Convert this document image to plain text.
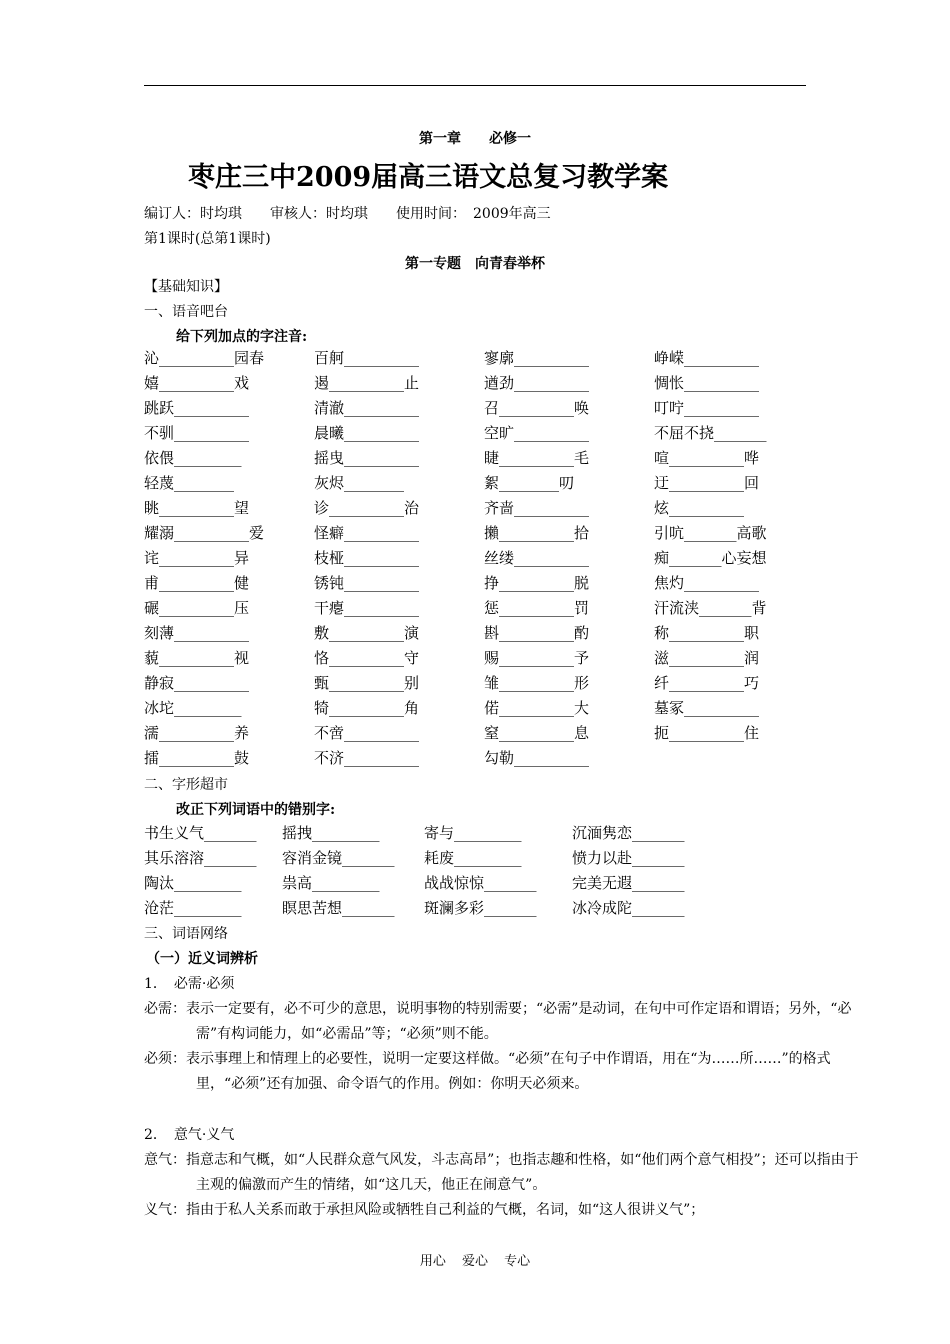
第一章　　必修一
枣庄三中2009届高三语文总复习教学案
编订人：时均琪　　审核人：时均琪　　使用时间：　2009年高三
第1课时(总第1课时)
第一专题　向青春举杯
【基础知识】
一、语音吧台
给下列加点的字注音:
沁__________园春	百舸__________	寥廓__________	峥嵘__________
嬉__________戏	遏__________止	遒劲__________	惆怅__________
跳跃__________	清澈__________	召__________唤	叮咛__________
不驯__________	晨曦__________	空旷__________	不屈不挠_______
依偎_________	摇曳__________	睫__________毛	喧__________哗
轻蔑________	灰烬________	絮________叨	迂__________回
眺__________望	诊__________治	齐啬__________	炫__________
耀溺__________爱	怪癖__________	攋__________拾	引吭_______高歌
诧__________异	枝桠__________	丝缕__________	痴_______心妄想
甫__________健	锈钝__________	挣__________脱	焦灼__________
碾__________压	干瘪__________	惩__________罚	汗流浃_______背
刻薄__________	敷__________演	斟__________酌	称__________职
藐__________视	恪__________守	赐__________予	滋__________润
静寂__________	甄__________别	雏__________形	纤__________巧
冰坨_________	犄__________角	偌__________大	墓冢__________
濡__________养	不啻__________	窒__________息	扼__________住
擂__________鼓	不济__________	勾勒__________
二、字形超市
改正下列词语中的错别字:
书生义气_______	摇拽_________	寄与_________	沉湎隽恋_______
其乐溶溶_______	容消金镜_______	耗废_________	愤力以赴_______
陶汰_________	祟高_________	战战惊惊_______	完美无遐_______
沧茫_________	瞑思苦想_______	斑澜多彩_______	冰冷成陀_______
三、词语网络
（一）近义词辨析
1．　必需·必须
必需：表示一定要有，必不可少的意思，说明事物的特别需要；“必需”是动词，在句中可作定语和谓语；另外，“必需”有构词能力，如“必需品”等；“必须”则不能。
必须：表示事理上和情理上的必要性，说明一定要这样做。“必须”在句子中作谓语，用在“为……所……”的格式里，“必须”还有加强、命令语气的作用。例如：你明天必须来。
2．　意气·义气
意气：指意志和气概，如“人民群众意气风发，斗志高昂”；也指志趣和性格，如“他们两个意气相投”；还可以指由于主观的偏激而产生的情绪，如“这几天，他正在闹意气”。
义气：指由于私人关系而敢于承担风险或牺牲自己利益的气概，名词，如“这人很讲义气”；
用心 爱心 专心
